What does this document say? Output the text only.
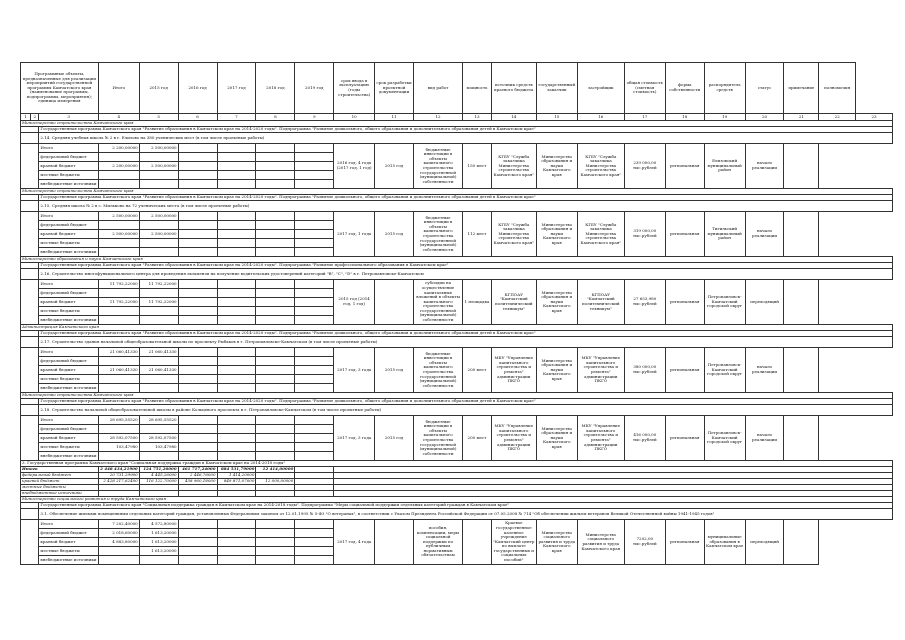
Программные объекты, предназначенные для реализации мероприятий государственной программы Камчатского края (наименование программы, подпрограммы, мероприятия); единица измерения			Итого	2015 год	2016 год	2017 год	2018 год	2019 год	срок ввода в эксплуатацию (годы строительства)	срок разработки проектной документации	вид работ	мощность	источник средств краевого бюджета	государственный заказчик	застройщик	общая стоимость (сметная стоимость)	форма собственности	распорядитель средств	статус	примечание	полномочия	
1	2	3	4	5	6	7	8	9	10	11	12	13	14	15	16	17	18	19	20	21	22	23
Министерство строительства Камчатского края																						
		Государственная программа Камчатского края "Развитие образования в Камчатском крае на 2014-2020 годы". Подпрограмма "Развитие дошкольного, общего образования и дополнительного образования детей в Камчатском крае"																				
		2.14. Средняя учебная школа № 2 в г. Елизово на 380 ученических мест (в том числе проектные работы)																				
		Итого	2 200,00000	2 500,00000					2016 год, 4 года (2017 год, 1 год)	2015 год	бюджетные инвестиции в объекты капитального строительства государственной (муниципальной) собственности	150 мест	КГБУ "Служба заказчика Министерства строительства Камчатского края"	Министерство образования и науки Камчатского края	КГБУ "Служба заказчика Министерства строительства Камчатского края"	239 000,00 тыс.рублей	региональная	Елизовский муниципальный район	начало реализации			
		федеральный бюджет																				
		краевой бюджет	2 200,00000	2 500,00000																		
		местные бюджеты																				
		внебюджетные источники																				
Министерство строительства Камчатского края																						
		Государственная программа Камчатского края "Развитие образования в Камчатском крае на 2014-2020 годы". Подпрограмма "Развитие дошкольного, общего образования и дополнительного образования детей в Камчатском крае"																				
		2.15. Средняя школа № 2 в с. Мильково на 72 ученических места (в том числе проектные работы)																				
		Итого	2 500,00000	2 500,00000					2017 год, 1 года	2015 год	бюджетные инвестиции в объекты капитального строительства государственной (муниципальной) собственности	112 мест	КГБУ "Служба заказчика Министерства строительства Камчатского края"	Министерство образования и науки Камчатского края	КГБУ "Служба заказчика Министерства строительства Камчатского края"	319 000,00 тыс.рублей	региональная	Тигильский муниципальный район	начало реализации			
		федеральный бюджет																				
		краевой бюджет	2 500,00000	2 500,00000																		
		местные бюджеты																				
		внебюджетные источники																				
Министерство образования и науки Камчатского края																						
		Государственная программа Камчатского края "Развитие образования в Камчатском крае на 2014-2020 годы". Подпрограмма "Развитие профессионального образования в Камчатском крае"																				
		2.16. Строительство многофункционального центра для проведения экзаменов на получение водительских удостоверений категорий "B", "C", "D" в г. Петропавловске-Камчатском																				
		Итого	11 792,22000	11 792,22000					2015 год (2014 год, 1 год)		субсидии на осуществление капитальных вложений в объекты капитального строительства государственной (муниципальной) собственности	1 площадка	КГПОАУ "Камчатский политехнический техникум"	Министерство образования и науки Камчатского края	КГПОАУ "Камчатский политехнический техникум"	27 653,980 тыс.рублей	региональная	Петропавловск-Камчатский городской округ	переходящий			
		федеральный бюджет																				
		краевой бюджет	11 792,22000	11 792,22000																		
		местные бюджеты																				
		внебюджетные источники																				
Администрация Камчатского края																						
		Государственная программа Камчатского края "Развитие образования в Камчатском крае на 2014-2020 годы". Подпрограмма "Развитие дошкольного, общего образования и дополнительного образования детей в Камчатском крае"																				
		2.17. Строительство здания начальной общеобразовательной школы по проспекту Рыбаков в г. Петропавловске-Камчатском (в том числе проектные работы)																				
		Итого	21 060,41330	21 060,41330					2017 год, 3 года	2015 год	бюджетные инвестиции в объекты капитального строительства государственной (муниципальной) собственности	200 мест	МКУ "Управление капитального строительства и ремонта" администрации ПКГО	Министерство образования и науки Камчатского края	МКУ "Управление капитального строительства и ремонта" администрации ПКГО	380 000,00 тыс.рублей	региональная	Петропавловск-Камчатский городской округ	начало реализации			
		федеральный бюджет																				
		краевой бюджет	21 060,41330	21 060,41330																		
		местные бюджеты																				
		внебюджетные источники																				
Министерство строительства Камчатского края																						
		Государственная программа Камчатского края "Развитие образования в Камчатском крае на 2014-2020 годы". Подпрограмма "Развитие дошкольного, общего образования и дополнительного образования детей в Камчатском крае"																				
		2.18. Строительство начальной общеобразовательной школы в районе Кольцевого проспекта в г. Петропавловске-Камчатском (в том числе проектные работы)																				
		Итого	28 695,55520	28 695,55520					2017 год, 3 года	2015 год	бюджетные инвестиции в объекты капитального строительства государственной (муниципальной) собственности	200 мест	МКУ "Управление капитального строительства и ремонта" администрации ПКГО	Министерство образования и науки Камчатского края	МКУ "Управление капитального строительства и ремонта" администрации ПКГО	416 000,00 тыс.рублей	региональная	Петропавловск-Камчатский городской округ	начало реализации			
		федеральный бюджет																				
		краевой бюджет	28 592,07500	28 592,07500																		
		местные бюджеты	103,47980	103,47980																		
		внебюджетные источники																				
3. Государственная программа Камчатского края "Социальная поддержка граждан в Камчатском крае на 2014-2018 годы"																						
Итого			2 448 434,21900	124 751,26000	461 717,24000	884 531,79000	12 414,00000															
федеральный бюджет			20 731,29900	4 445,26000	2 446,76000	1 414,20000																
краевой бюджет			2 428 217,62400	116 122,70000	458 960,18000	849 871,07000	12 000,00000															
местные бюджеты																						
внебюджетные источники																						
Министерство социального развития и труда Камчатского края																						
		Государственная программа Камчатского края "Социальная поддержка граждан в Камчатском крае на 2014-2018 годы". Подпрограмма "Меры социальной поддержки отдельных категорий граждан в Камчатском крае"																				
		3.1. Обеспечение жилыми помещениями отдельных категорий граждан, установленных Федеральным законом от 12.01.1995 № 5-ФЗ "О ветеранах", в соответствии с Указом Президента Российской Федерации от 07.05.2008 № 714 "Об обеспечении жильем ветеранов Великой Отечественной войны 1941-1945 годов"																				
		Итого	7 202,40000	4 572,80000					2017 год, 4 года		пособия, компенсации, меры социальной поддержки по публичным нормативным обязательствам		Краевое государственное казенное учреждение "Камчатский центр по выплате государственных и социальных пособий"	Министерство социального развития и труда Камчатского края	Министерство социального развития и труда Камчатского края	7202,00 тыс.рублей	региональная	муниципальные образования в Камчатском крае	переходящий			
		федеральный бюджет	2 018,60000	1 613,20000																		
		краевой бюджет	4 883,80000	1 613,20000																		
		местные бюджеты		1 613,20000																		
		внебюджетные источники																				
